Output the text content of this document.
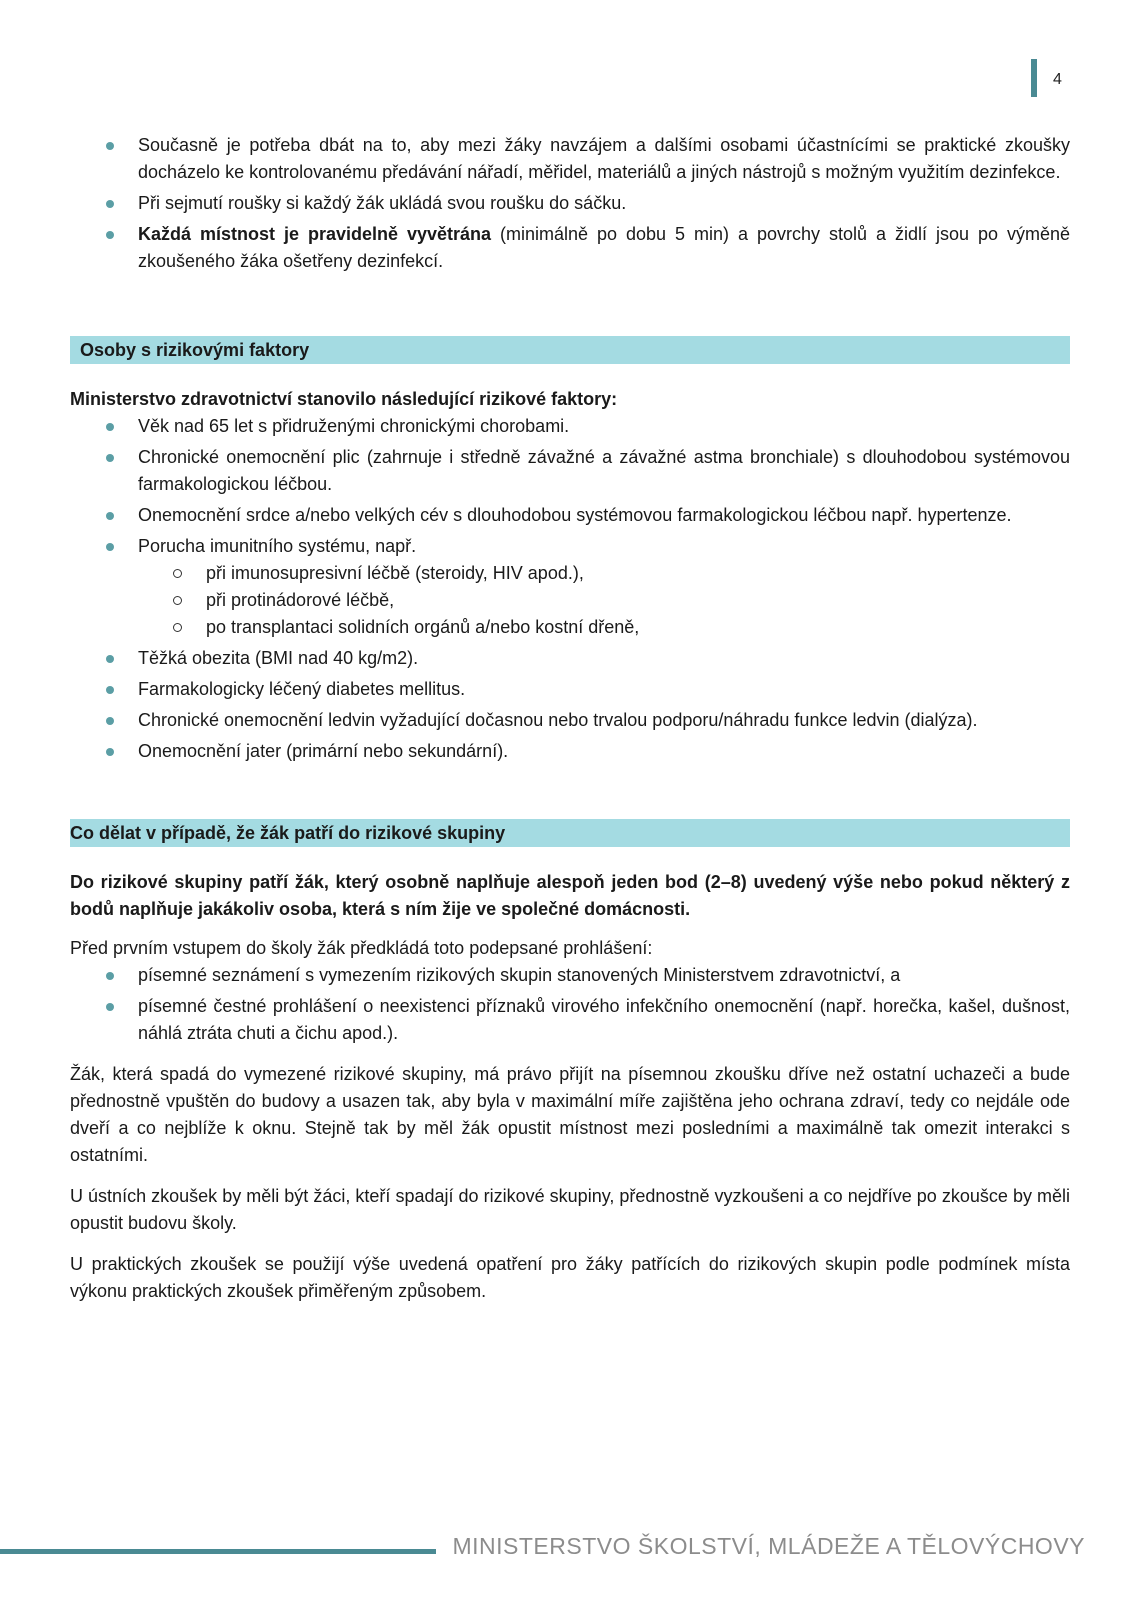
4
Současně je potřeba dbát na to, aby mezi žáky navzájem a dalšími osobami účastnícími se praktické zkoušky docházelo ke kontrolovanému předávání nářadí, měřidel, materiálů a jiných nástrojů s možným využitím dezinfekce.
Při sejmutí roušky si každý žák ukládá svou roušku do sáčku.
Každá místnost je pravidelně vyvětrána (minimálně po dobu 5 min) a povrchy stolů a židlí jsou po výměně zkoušeného žáka ošetřeny dezinfekcí.
Osoby s rizikovými faktory

Ministerstvo zdravotnictví stanovilo následující rizikové faktory:

Věk nad 65 let s přidruženými chronickými chorobami.
Chronické onemocnění plic (zahrnuje i středně závažné a závažné astma bronchiale) s dlouhodobou systémovou farmakologickou léčbou.
Onemocnění srdce a/nebo velkých cév s dlouhodobou systémovou farmakologickou léčbou např. hypertenze.
Porucha imunitního systému, např.
při imunosupresivní léčbě (steroidy, HIV apod.),
při protinádorové léčbě,
po transplantaci solidních orgánů a/nebo kostní dřeně,
Těžká obezita (BMI nad 40 kg/m2).
Farmakologicky léčený diabetes mellitus.
Chronické onemocnění ledvin vyžadující dočasnou nebo trvalou podporu/náhradu funkce ledvin (dialýza).
Onemocnění jater (primární nebo sekundární).
Co dělat v případě, že žák patří do rizikové skupiny

Do rizikové skupiny patří žák, který osobně naplňuje alespoň jeden bod (2–8) uvedený výše nebo pokud některý z bodů naplňuje jakákoliv osoba, která s ním žije ve společné domácnosti.

Před prvním vstupem do školy žák předkládá toto podepsané prohlášení:

písemné seznámení s vymezením rizikových skupin stanovených Ministerstvem zdravotnictví, a
písemné čestné prohlášení o neexistenci příznaků virového infekčního onemocnění (např. horečka, kašel, dušnost, náhlá ztráta chuti a čichu apod.).

Žák, která spadá do vymezené rizikové skupiny, má právo přijít na písemnou zkoušku dříve než ostatní uchazeči a bude přednostně vpuštěn do budovy a usazen tak, aby byla v maximální míře zajištěna jeho ochrana zdraví, tedy co nejdále ode dveří a co nejblíže k oknu. Stejně tak by měl žák opustit místnost mezi posledními a maximálně tak omezit interakci s ostatními.

U ústních zkoušek by měli být žáci, kteří spadají do rizikové skupiny, přednostně vyzkoušeni a co nejdříve po zkoušce by měli opustit budovu školy.

U praktických zkoušek se použijí výše uvedená opatření pro žáky patřících do rizikových skupin podle podmínek místa výkonu praktických zkoušek přiměřeným způsobem.

MINISTERSTVO ŠKOLSTVÍ, MLÁDEŽE A TĚLOVÝCHOVY
